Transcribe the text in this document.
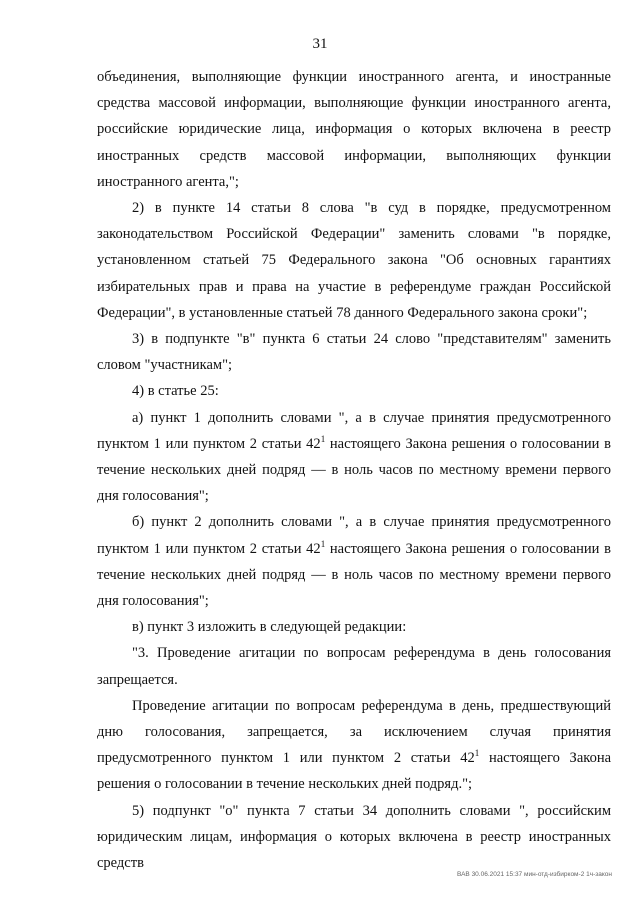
31

объединения, выполняющие функции иностранного агента, и иностранные средства массовой информации, выполняющие функции иностранного агента, российские юридические лица, информация о которых включена в реестр иностранных средств массовой информации, выполняющих функции иностранного агента,";

2) в пункте 14 статьи 8 слова "в суд в порядке, предусмотренном законодательством Российской Федерации" заменить словами "в порядке, установленном статьей 75 Федерального закона "Об основных гарантиях избирательных прав и права на участие в референдуме граждан Российской Федерации", в установленные статьей 78 данного Федерального закона сроки";

3) в подпункте "в" пункта 6 статьи 24 слово "представителям" заменить словом "участникам";

4) в статье 25:

а) пункт 1 дополнить словами ", а в случае принятия предусмотренного пунктом 1 или пунктом 2 статьи $42^1$ настоящего Закона решения о голосовании в течение нескольких дней подряд — в ноль часов по местному времени первого дня голосования";

б) пункт 2 дополнить словами ", а в случае принятия предусмотренного пунктом 1 или пунктом 2 статьи $42^1$ настоящего Закона решения о голосовании в течение нескольких дней подряд — в ноль часов по местному времени первого дня голосования";

в) пункт 3 изложить в следующей редакции:

"3. Проведение агитации по вопросам референдума в день голосования запрещается.

Проведение агитации по вопросам референдума в день, предшествующий дню голосования, запрещается, за исключением случая принятия предусмотренного пунктом 1 или пунктом 2 статьи $42^1$ настоящего Закона решения о голосовании в течение нескольких дней подряд.";

5) подпункт "о" пункта 7 статьи 34 дополнить словами ", российским юридическим лицам, информация о которых включена в реестр иностранных средств

ВАВ 30.06.2021 15:37 мин-отд-избирком-2 1ч-закон
